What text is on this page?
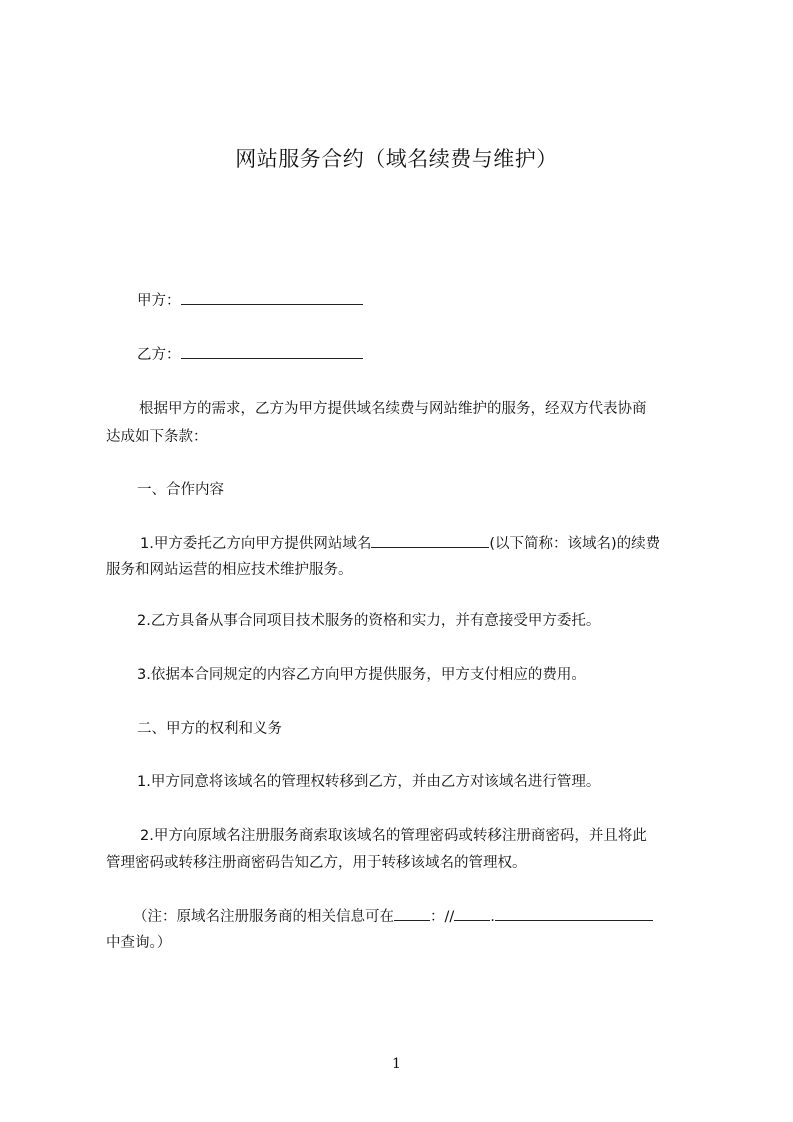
网站服务合约（域名续费与维护）
甲方：
乙方：
根据甲方的需求，乙方为甲方提供域名续费与网站维护的服务，经双方代表协商
达成如下条款：
一、合作内容
1.甲方委托乙方向甲方提供网站域名	(以下简称：该域名)的续费
服务和网站运营的相应技术维护服务。
2.乙方具备从事合同项目技术服务的资格和实力，并有意接受甲方委托。
3.依据本合同规定的内容乙方向甲方提供服务，甲方支付相应的费用。
二、甲方的权利和义务
1.甲方同意将该域名的管理权转移到乙方，并由乙方对该域名进行管理。
2.甲方向原域名注册服务商索取该域名的管理密码或转移注册商密码，并且将此
管理密码或转移注册商密码告知乙方，用于转移该域名的管理权。
（注：原域名注册服务商的相关信息可在 ：// .
中查询。）
1
